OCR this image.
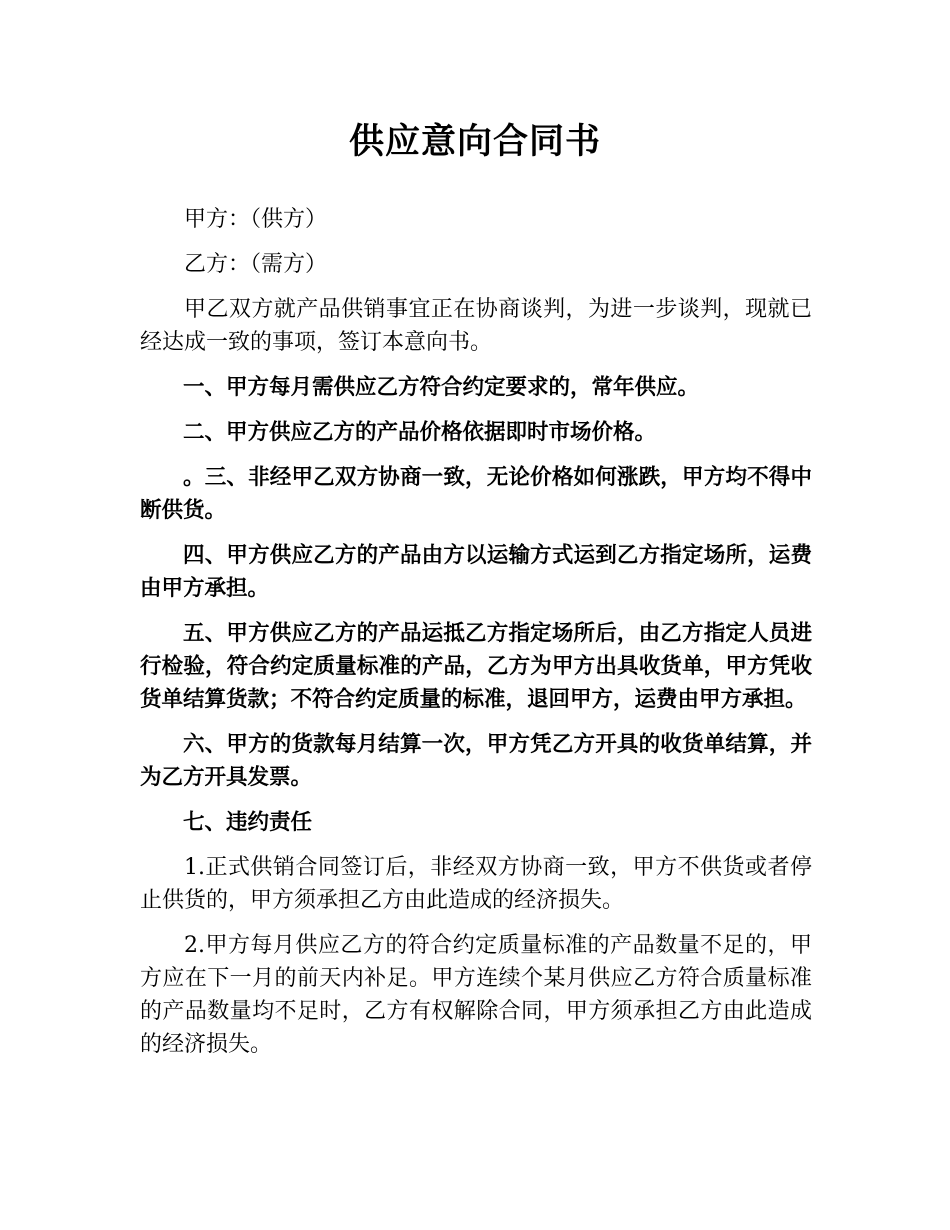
供应意向合同书

甲方：（供方）

乙方：（需方）

甲乙双方就产品供销事宜正在协商谈判，为进一步谈判，现就已经达成一致的事项，签订本意向书。

一、甲方每月需供应乙方符合约定要求的，常年供应。

二、甲方供应乙方的产品价格依据即时市场价格。

。三、非经甲乙双方协商一致，无论价格如何涨跌，甲方均不得中断供货。

四、甲方供应乙方的产品由方以运输方式运到乙方指定场所，运费由甲方承担。

五、甲方供应乙方的产品运抵乙方指定场所后，由乙方指定人员进行检验，符合约定质量标准的产品，乙方为甲方出具收货单，甲方凭收货单结算货款；不符合约定质量的标准，退回甲方，运费由甲方承担。

六、甲方的货款每月结算一次，甲方凭乙方开具的收货单结算，并为乙方开具发票。

七、违约责任

1.正式供销合同签订后，非经双方协商一致，甲方不供货或者停止供货的，甲方须承担乙方由此造成的经济损失。

2.甲方每月供应乙方的符合约定质量标准的产品数量不足的，甲方应在下一月的前天内补足。甲方连续个某月供应乙方符合质量标准的产品数量均不足时，乙方有权解除合同，甲方须承担乙方由此造成的经济损失。
